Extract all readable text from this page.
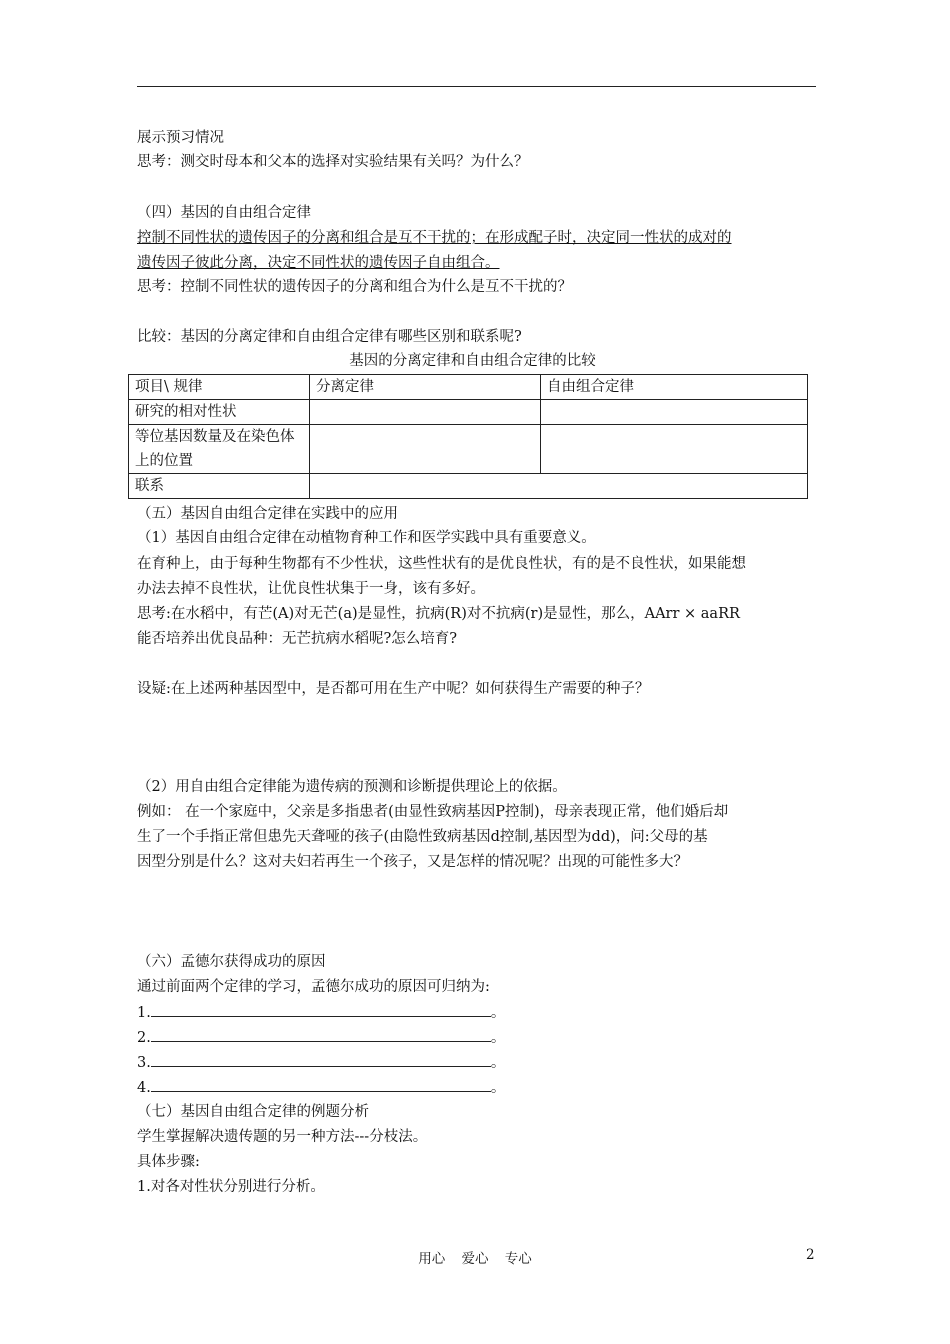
展示预习情况
思考：测交时母本和父本的选择对实验结果有关吗？为什么？
（四）基因的自由组合定律
控制不同性状的遗传因子的分离和组合是互不干扰的；在形成配子时，决定同一性状的成对的
遗传因子彼此分离，决定不同性状的遗传因子自由组合。
思考：控制不同性状的遗传因子的分离和组合为什么是互不干扰的？
比较：基因的分离定律和自由组合定律有哪些区别和联系呢?
基因的分离定律和自由组合定律的比较
项目\ 规律	分离定律	自由组合定律
研究的相对性状		
等位基因数量及在染色体上的位置		
联系		
（五）基因自由组合定律在实践中的应用
（1）基因自由组合定律在动植物育种工作和医学实践中具有重要意义。
在育种上，由于每种生物都有不少性状，这些性状有的是优良性状，有的是不良性状，如果能想
办法去掉不良性状，让优良性状集于一身，该有多好。
思考:在水稻中，有芒(A)对无芒(a)是显性，抗病(R)对不抗病(r)是显性，那么，AArr × aaRR
能否培养出优良品种：无芒抗病水稻呢?怎么培育?
设疑:在上述两种基因型中，是否都可用在生产中呢？如何获得生产需要的种子？
（2）用自由组合定律能为遗传病的预测和诊断提供理论上的依据。
例如： 在一个家庭中，父亲是多指患者(由显性致病基因P控制)，母亲表现正常，他们婚后却
生了一个手指正常但患先天聋哑的孩子(由隐性致病基因d控制,基因型为dd)，问:父母的基
因型分别是什么？这对夫妇若再生一个孩子，又是怎样的情况呢？出现的可能性多大？
（六）孟德尔获得成功的原因
通过前面两个定律的学习，孟德尔成功的原因可归纳为:
1.	。
2.	。
3.	。
4.	。
（七）基因自由组合定律的例题分析
学生掌握解决遗传题的另一种方法---分枝法。
具体步骤:
1.对各对性状分别进行分析。
用心 爱心 专心	2
